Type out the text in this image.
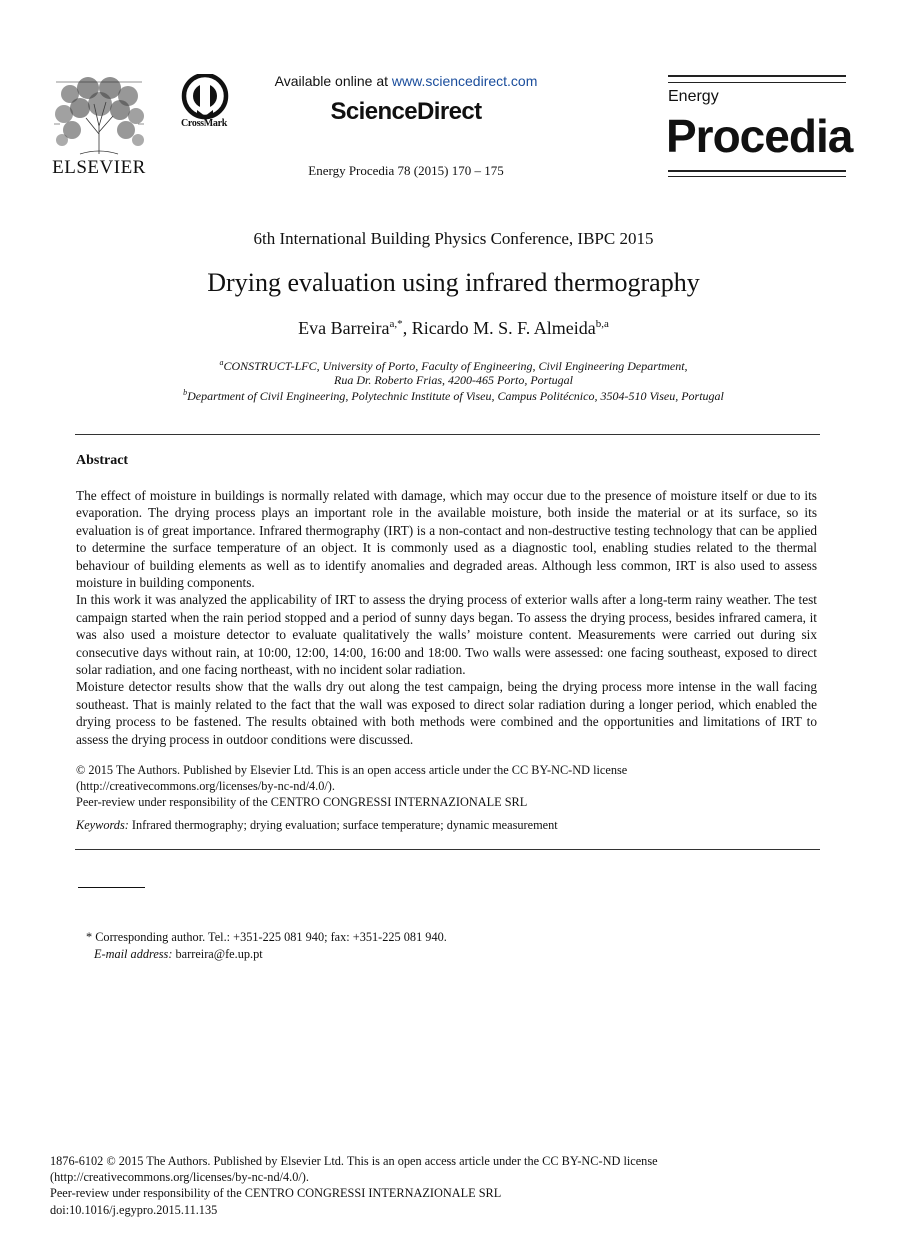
ELSEVIER
CrossMark
Available online at www.sciencedirect.com
ScienceDirect
Energy Procedia 78 (2015) 170 – 175
Energy
Procedia
6th International Building Physics Conference, IBPC 2015
Drying evaluation using infrared thermography
Eva Barreira$^{a,*}$, Ricardo M. S. F. Almeida$^{b,a}$
$^a$CONSTRUCT-LFC, University of Porto, Faculty of Engineering, Civil Engineering Department,
Rua Dr. Roberto Frias, 4200-465 Porto, Portugal
$^b$Department of Civil Engineering, Polytechnic Institute of Viseu, Campus Politécnico, 3504-510 Viseu, Portugal
Abstract

The effect of moisture in buildings is normally related with damage, which may occur due to the presence of moisture itself or due to its evaporation. The drying process plays an important role in the available moisture, both inside the material or at its surface, so its evaluation is of great importance. Infrared thermography (IRT) is a non-contact and non-destructive testing technology that can be applied to determine the surface temperature of an object. It is commonly used as a diagnostic tool, enabling studies related to the thermal behaviour of building elements as well as to identify anomalies and degraded areas. Although less common, IRT is also used to assess moisture in building components.

In this work it was analyzed the applicability of IRT to assess the drying process of exterior walls after a long-term rainy weather. The test campaign started when the rain period stopped and a period of sunny days began. To assess the drying process, besides infrared camera, it was also used a moisture detector to evaluate qualitatively the walls’ moisture content. Measurements were carried out during six consecutive days without rain, at 10:00, 12:00, 14:00, 16:00 and 18:00. Two walls were assessed: one facing southeast, exposed to direct solar radiation, and one facing northeast, with no incident solar radiation.

Moisture detector results show that the walls dry out along the test campaign, being the drying process more intense in the wall facing southeast. That is mainly related to the fact that the wall was exposed to direct solar radiation during a longer period, which enabled the drying process to be fastened. The results obtained with both methods were combined and the opportunities and limitations of IRT to assess the drying process in outdoor conditions were discussed.

© 2015 The Authors. Published by Elsevier Ltd. This is an open access article under the CC BY-NC-ND license

(http://creativecommons.org/licenses/by-nc-nd/4.0/).

Peer-review under responsibility of the CENTRO CONGRESSI INTERNAZIONALE SRL

Keywords: Infrared thermography; drying evaluation; surface temperature; dynamic measurement
* Corresponding author. Tel.: +351-225 081 940; fax: +351-225 081 940.
E-mail address: barreira@fe.up.pt

1876-6102 © 2015 The Authors. Published by Elsevier Ltd. This is an open access article under the CC BY-NC-ND license

(http://creativecommons.org/licenses/by-nc-nd/4.0/).

Peer-review under responsibility of the CENTRO CONGRESSI INTERNAZIONALE SRL

doi:10.1016/j.egypro.2015.11.135
